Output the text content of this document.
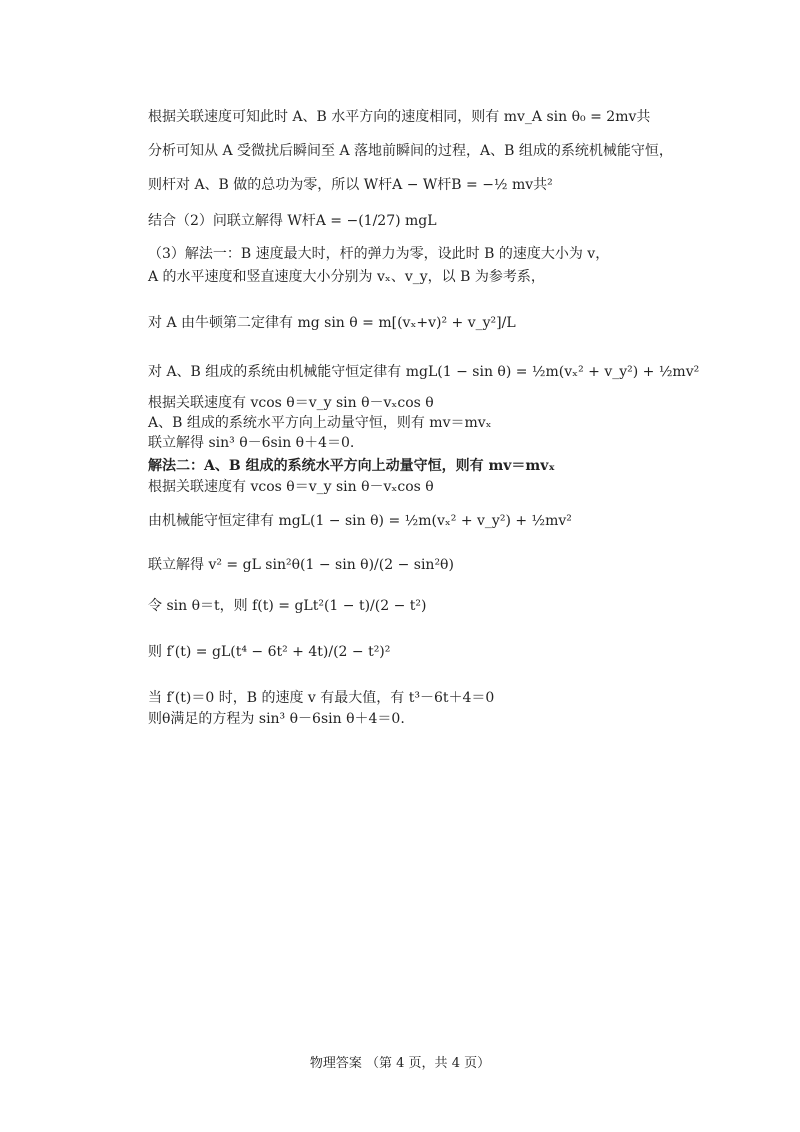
根据关联速度可知此时 A、B 水平方向的速度相同，则有 mv_A sin θ₀ = 2mv共
分析可知从 A 受微扰后瞬间至 A 落地前瞬间的过程，A、B 组成的系统机械能守恒，
则杆对 A、B 做的总功为零，所以 W杆A − W杆B = −½ mv共²
结合（2）问联立解得 W杆A = −(1/27) mgL
（3）解法一：B 速度最大时，杆的弹力为零，设此时 B 的速度大小为 v，
A 的水平速度和竖直速度大小分别为 vₓ、v_y，以 B 为参考系，
对 A 由牛顿第二定律有 mg sin θ = m[(vₓ+v)² + v_y²]/L
对 A、B 组成的系统由机械能守恒定律有 mgL(1 − sin θ) = ½m(vₓ² + v_y²) + ½mv²
根据关联速度有 vcos θ＝v_y sin θ－vₓcos θ
A、B 组成的系统水平方向上动量守恒，则有 mv＝mvₓ
联立解得 sin³ θ－6sin θ＋4＝0.
解法二：A、B 组成的系统水平方向上动量守恒，则有 mv＝mvₓ
根据关联速度有 vcos θ＝v_y sin θ－vₓcos θ
由机械能守恒定律有 mgL(1 − sin θ) = ½m(vₓ² + v_y²) + ½mv²
联立解得 v² = gL sin²θ(1 − sin θ)/(2 − sin²θ)
令 sin θ＝t，则 f(t) = gLt²(1 − t)/(2 − t²)
则 f′(t) = gL(t⁴ − 6t² + 4t)/(2 − t²)²
当 f′(t)＝0 时，B 的速度 v 有最大值，有 t³－6t＋4＝0
则θ满足的方程为 sin³ θ－6sin θ＋4＝0.
物理答案 （第 4 页，共 4 页）
